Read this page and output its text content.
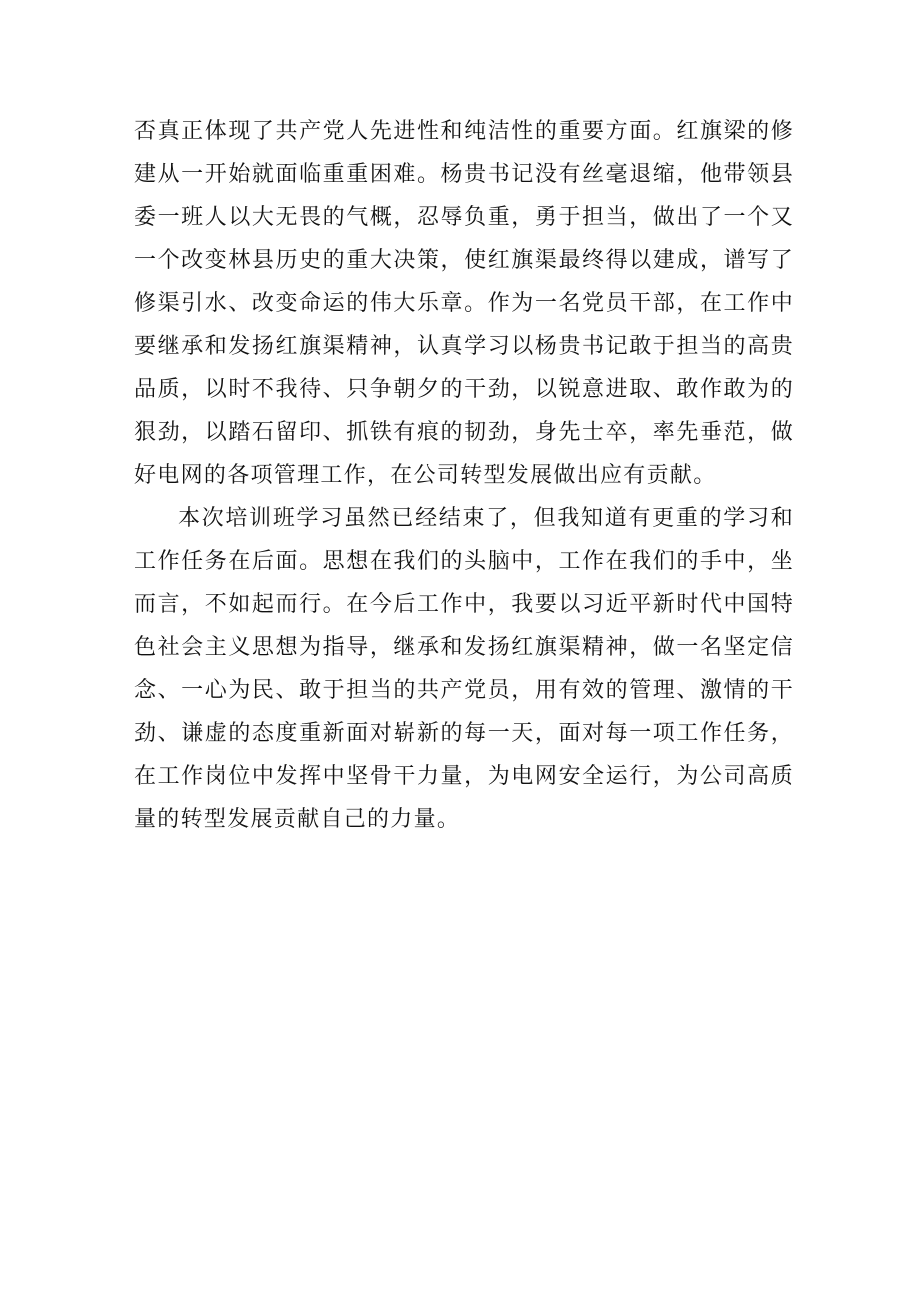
否真正体现了共产党人先进性和纯洁性的重要方面。红旗梁的修建从一开始就面临重重困难。杨贵书记没有丝毫退缩，他带领县委一班人以大无畏的气概，忍辱负重，勇于担当，做出了一个又一个改变林县历史的重大决策，使红旗渠最终得以建成，谱写了修渠引水、改变命运的伟大乐章。作为一名党员干部，在工作中要继承和发扬红旗渠精神，认真学习以杨贵书记敢于担当的高贵品质，以时不我待、只争朝夕的干劲，以锐意进取、敢作敢为的狠劲，以踏石留印、抓铁有痕的韧劲，身先士卒，率先垂范，做好电网的各项管理工作，在公司转型发展做出应有贡献。

本次培训班学习虽然已经结束了，但我知道有更重的学习和工作任务在后面。思想在我们的头脑中，工作在我们的手中，坐而言，不如起而行。在今后工作中，我要以习近平新时代中国特色社会主义思想为指导，继承和发扬红旗渠精神，做一名坚定信念、一心为民、敢于担当的共产党员，用有效的管理、激情的干劲、谦虚的态度重新面对崭新的每一天，面对每一项工作任务，在工作岗位中发挥中坚骨干力量，为电网安全运行，为公司高质量的转型发展贡献自己的力量。
